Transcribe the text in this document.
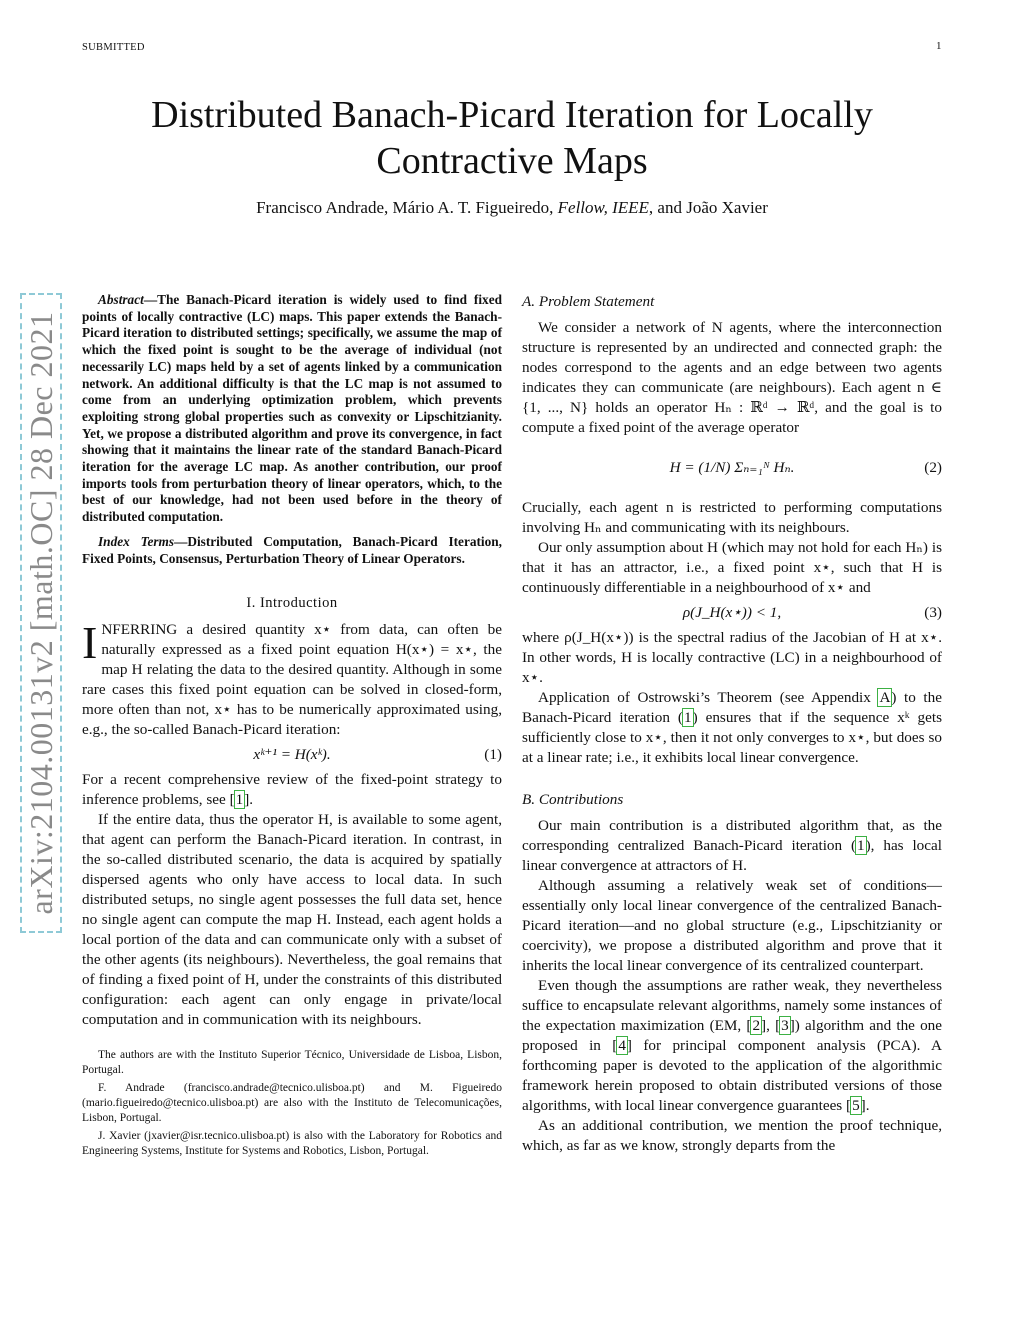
SUBMITTED	1
Distributed Banach-Picard Iteration for Locally Contractive Maps
Francisco Andrade, Mário A. T. Figueiredo, Fellow, IEEE, and João Xavier
arXiv:2104.00131v2 [math.OC] 28 Dec 2021

Abstract—The Banach-Picard iteration is widely used to find fixed points of locally contractive (LC) maps. This paper extends the Banach-Picard iteration to distributed settings; specifically, we assume the map of which the fixed point is sought to be the average of individual (not necessarily LC) maps held by a set of agents linked by a communication network. An additional difficulty is that the LC map is not assumed to come from an underlying optimization problem, which prevents exploiting strong global properties such as convexity or Lipschitzianity. Yet, we propose a distributed algorithm and prove its convergence, in fact showing that it maintains the linear rate of the standard Banach-Picard iteration for the average LC map. As another contribution, our proof imports tools from perturbation theory of linear operators, which, to the best of our knowledge, had not been used before in the theory of distributed computation.

Index Terms—Distributed Computation, Banach-Picard Iteration, Fixed Points, Consensus, Perturbation Theory of Linear Operators.

I. Introduction

INFERRING a desired quantity x⋆ from data, can often be naturally expressed as a fixed point equation H(x⋆) = x⋆, the map H relating the data to the desired quantity. Although in some rare cases this fixed point equation can be solved in closed-form, more often than not, x⋆ has to be numerically approximated using, e.g., the so-called Banach-Picard iteration:

xᵏ⁺¹ = H(xᵏ).	(1)

For a recent comprehensive review of the fixed-point strategy to inference problems, see [1].

If the entire data, thus the operator H, is available to some agent, that agent can perform the Banach-Picard iteration. In contrast, in the so-called distributed scenario, the data is acquired by spatially dispersed agents who only have access to local data. In such distributed setups, no single agent possesses the full data set, hence no single agent can compute the map H. Instead, each agent holds a local portion of the data and can communicate only with a subset of the other agents (its neighbours). Nevertheless, the goal remains that of finding a fixed point of H, under the constraints of this distributed configuration: each agent can only engage in private/local computation and in communication with its neighbours.

The authors are with the Instituto Superior Técnico, Universidade de Lisboa, Lisbon, Portugal.

F. Andrade (francisco.andrade@tecnico.ulisboa.pt) and M. Figueiredo (mario.figueiredo@tecnico.ulisboa.pt) are also with the Instituto de Telecomunicações, Lisbon, Portugal.

J. Xavier (jxavier@isr.tecnico.ulisboa.pt) is also with the Laboratory for Robotics and Engineering Systems, Institute for Systems and Robotics, Lisbon, Portugal.

A. Problem Statement

We consider a network of N agents, where the interconnection structure is represented by an undirected and connected graph: the nodes correspond to the agents and an edge between two agents indicates they can communicate (are neighbours). Each agent n ∈ {1, ..., N} holds an operator Hₙ : ℝᵈ → ℝᵈ, and the goal is to compute a fixed point of the average operator

H = (1/N) Σₙ₌₁ᴺ Hₙ.	(2)

Crucially, each agent n is restricted to performing computations involving Hₙ and communicating with its neighbours.

Our only assumption about H (which may not hold for each Hₙ) is that it has an attractor, i.e., a fixed point x⋆, such that H is continuously differentiable in a neighbourhood of x⋆ and

ρ(J_H(x⋆)) < 1,	(3)

where ρ(J_H(x⋆)) is the spectral radius of the Jacobian of H at x⋆. In other words, H is locally contractive (LC) in a neighbourhood of x⋆.

Application of Ostrowski’s Theorem (see Appendix A) to the Banach-Picard iteration (1) ensures that if the sequence xᵏ gets sufficiently close to x⋆, then it not only converges to x⋆, but does so at a linear rate; i.e., it exhibits local linear convergence.

B. Contributions

Our main contribution is a distributed algorithm that, as the corresponding centralized Banach-Picard iteration (1), has local linear convergence at attractors of H.

Although assuming a relatively weak set of conditions—essentially only local linear convergence of the centralized Banach-Picard iteration—and no global structure (e.g., Lipschitzianity or coercivity), we propose a distributed algorithm and prove that it inherits the local linear convergence of its centralized counterpart.

Even though the assumptions are rather weak, they nevertheless suffice to encapsulate relevant algorithms, namely some instances of the expectation maximization (EM, [2], [3]) algorithm and the one proposed in [4] for principal component analysis (PCA). A forthcoming paper is devoted to the application of the algorithmic framework herein proposed to obtain distributed versions of those algorithms, with local linear convergence guarantees [5].

As an additional contribution, we mention the proof technique, which, as far as we know, strongly departs from the
